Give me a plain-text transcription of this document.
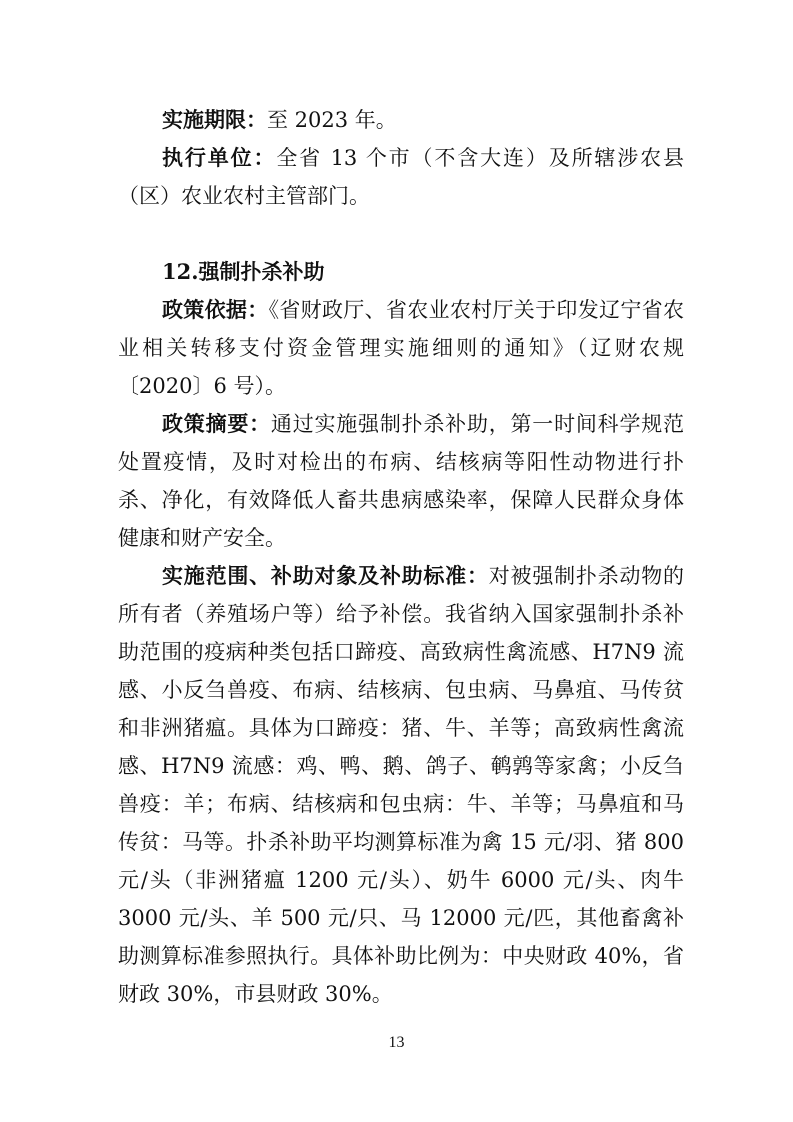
实施期限：至 2023 年。

执行单位：全省 13 个市（不含大连）及所辖涉农县（区）农业农村主管部门。

12.强制扑杀补助

政策依据：《省财政厅、省农业农村厅关于印发辽宁省农业相关转移支付资金管理实施细则的通知》（辽财农规〔2020〕6 号）。

政策摘要：通过实施强制扑杀补助，第一时间科学规范处置疫情，及时对检出的布病、结核病等阳性动物进行扑杀、净化，有效降低人畜共患病感染率，保障人民群众身体健康和财产安全。

实施范围、补助对象及补助标准：对被强制扑杀动物的所有者（养殖场户等）给予补偿。我省纳入国家强制扑杀补助范围的疫病种类包括口蹄疫、高致病性禽流感、H7N9 流感、小反刍兽疫、布病、结核病、包虫病、马鼻疽、马传贫和非洲猪瘟。具体为口蹄疫：猪、牛、羊等；高致病性禽流感、H7N9 流感：鸡、鸭、鹅、鸽子、鹌鹑等家禽；小反刍兽疫：羊；布病、结核病和包虫病：牛、羊等；马鼻疽和马传贫：马等。扑杀补助平均测算标准为禽 15 元/羽、猪 800 元/头（非洲猪瘟 1200 元/头）、奶牛 6000 元/头、肉牛 3000 元/头、羊 500 元/只、马 12000 元/匹，其他畜禽补助测算标准参照执行。具体补助比例为：中央财政 40%，省财政 30%，市县财政 30%。

13
